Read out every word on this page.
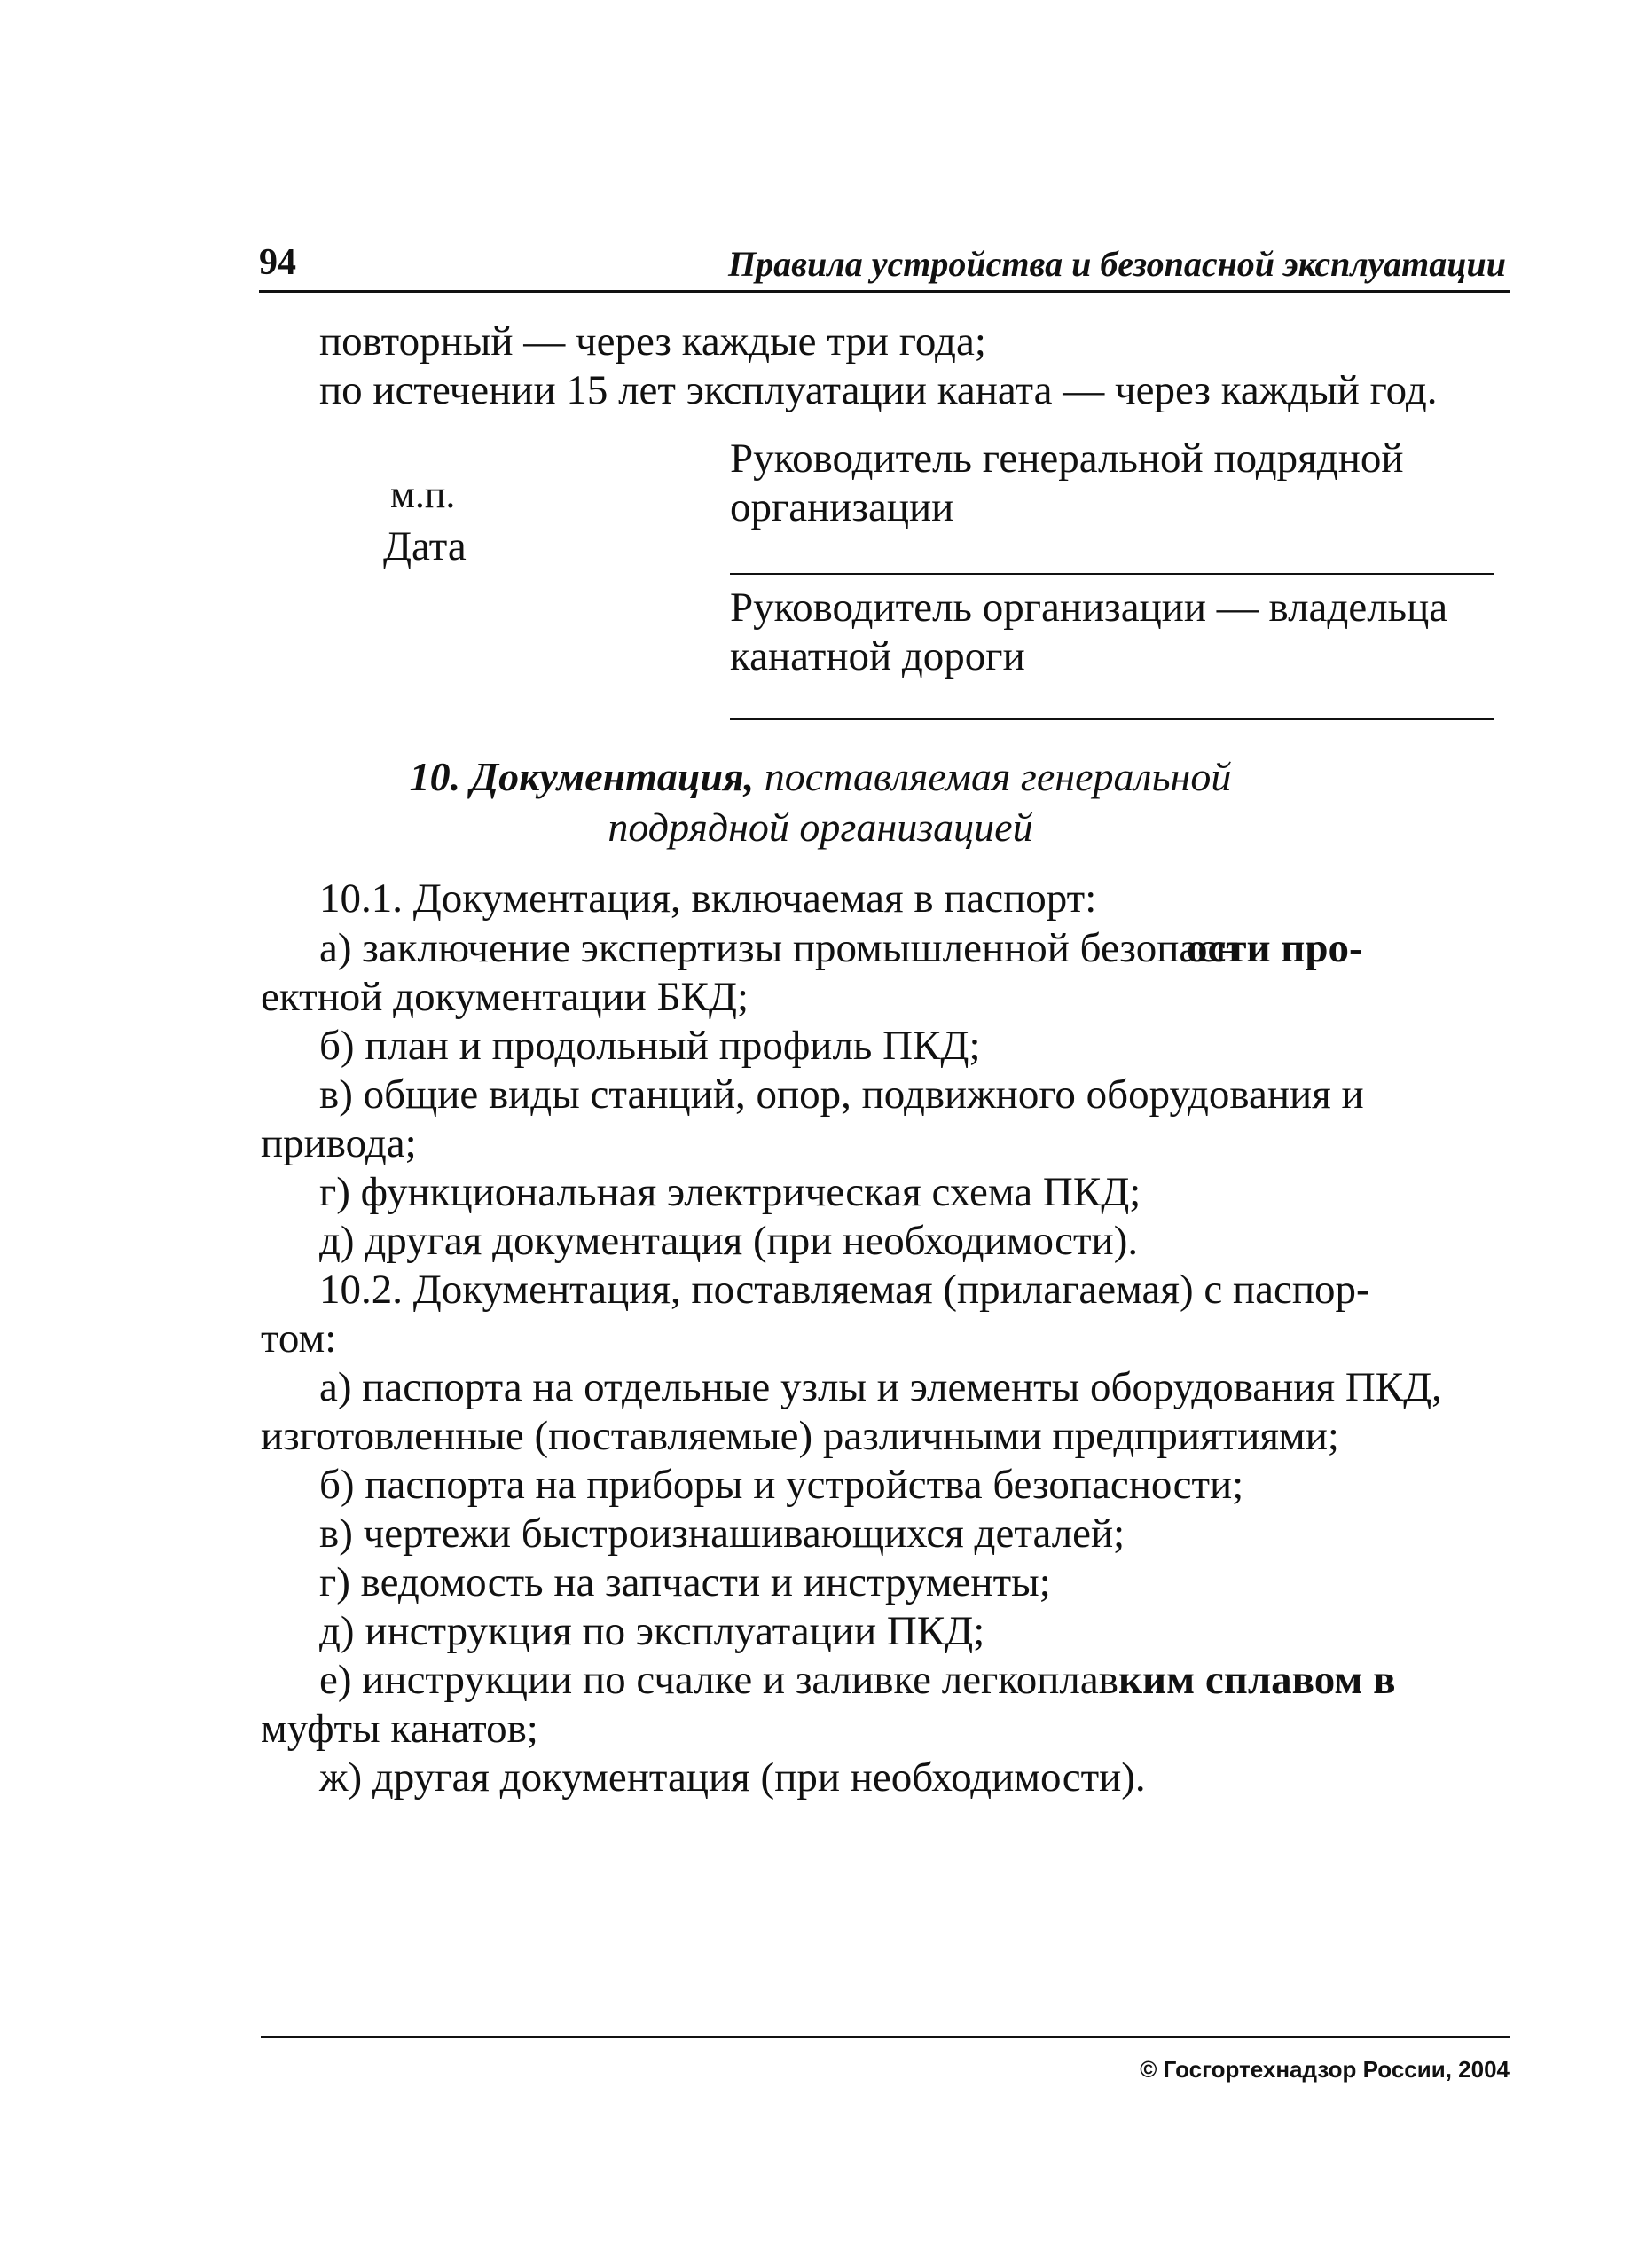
94	Правила устройства и безопасной эксплуатации
повторный — через каждые три года;
по истечении 15 лет эксплуатации каната — через каждый год.
Руководитель генеральной подрядной
м.п.	организации
Дата
Руководитель организации — владельца
канатной дороги
10. Документация, поставляемая генеральной
подрядной организацией
10.1. Документация, включаемая в паспорт:
а) заключение экспертизы промышленной безопасн
ости про-
ектной документации БКД;
б) план и продольный профиль ПКД;
в) общие виды станций, опор, подвижного оборудования и
привода;
г) функциональная электрическая схема ПКД;
д) другая документация (при необходимости).
10.2. Документация, поставляемая (прилагаемая) с паспор-
том:
а) паспорта на отдельные узлы и элементы оборудования ПКД,
изготовленные (поставляемые) различными предприятиями;
б) паспорта на приборы и устройства безопасности;
в) чертежи быстроизнашивающихся деталей;
г) ведомость на запчасти и инструменты;
д) инструкция по эксплуатации ПКД;
е) инструкции по счалке и заливке легкоплавким сплавом в
муфты канатов;
ж) другая документация (при необходимости).
© Госгортехнадзор России, 2004
